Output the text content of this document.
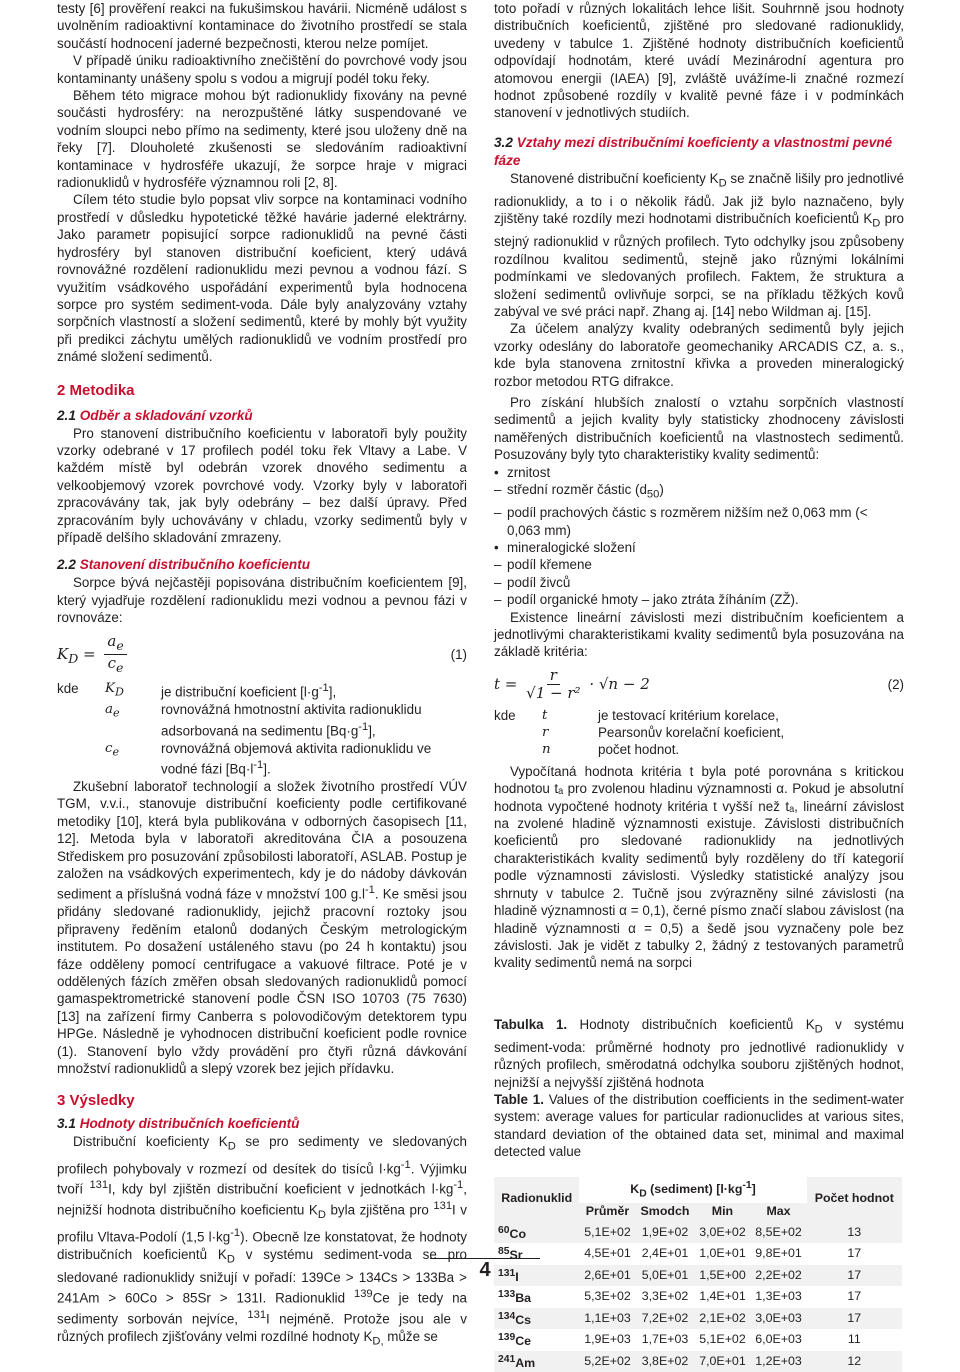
testy [6] prověření reakci na fukušimskou havárii. Nicméně událost s uvolněním radioaktivní kontaminace do životního prostředí se stala součástí hodnocení jaderné bezpečnosti, kterou nelze pomíjet.

V případě úniku radioaktivního znečištění do povrchové vody jsou kontaminanty unášeny spolu s vodou a migrují podél toku řeky.

Během této migrace mohou být radionuklidy fixovány na pevné součásti hydrosféry: na nerozpuštěné látky suspendované ve vodním sloupci nebo přímo na sedimenty, které jsou uloženy dně na řeky [7]. Dlouholeté zkušenosti se sledováním radioaktivní kontaminace v hydrosféře ukazují, že sorpce hraje v migraci radionuklidů v hydrosféře významnou roli [2, 8].

Cílem této studie bylo popsat vliv sorpce na kontaminaci vodního prostředí v důsledku hypotetické těžké havárie jaderné elektrárny. Jako parametr popisující sorpce radionuklidů na pevné části hydrosféry byl stanoven distribuční koeficient, který udává rovnovážné rozdělení radionuklidu mezi pevnou a vodnou fází. S využitím vsádkového uspořádání experimentů byla hodnocena sorpce pro systém sediment-voda. Dále byly analyzovány vztahy sorpčních vlastností a složení sedimentů, které by mohly být využity při predikci záchytu umělých radionuklidů ve vodním prostředí pro známé složení sedimentů.

2 Metodika
2.1 Odběr a skladování vzorků

Pro stanovení distribučního koeficientu v laboratoři byly použity vzorky odebrané v 17 profilech podél toku řek Vltavy a Labe. V každém místě byl odebrán vzorek dnového sedimentu a velkoobjemový vzorek povrchové vody. Vzorky byly v laboratoři zpracovávány tak, jak byly odebrány – bez další úpravy. Před zpracováním byly uchovávány v chladu, vzorky sedimentů byly v případě delšího skladování zmrazeny.

2.2 Stanovení distribučního koeficientu

Sorpce bývá nejčastěji popisována distribučním koeficientem [9], který vyjadřuje rozdělení radionuklidu mezi vodnou a pevnou fázi v rovnováze:

$K_D = \frac{a_e}{c_e}$	(1)
kde	$K_D$	je distribuční koeficient $[l\cdot g^{-1}]$,
$a_e$	rovnovážná hmotnostní aktivita radionuklidu adsorbovaná na sedimentu $[Bq\cdot g^{-1}]$,
$c_e$	rovnovážná objemová aktivita radionuklidu ve vodné fázi $[Bq\cdot l^{-1}]$.

Zkušební laboratoř technologií a složek životního prostředí VÚV TGM, v.v.i., stanovuje distribuční koeficienty podle certifikované metodiky [10], která byla publikována v odborných časopisech [11, 12]. Metoda byla v laboratoři akreditována ČIA a posouzena Střediskem pro posuzování způsobilosti laboratoří, ASLAB. Postup je založen na vsádkových experimentech, kdy je do nádoby dávkován sediment a příslušná vodná fáze v množství 100 $g.l^{-1}$. Ke směsi jsou přidány sledované radionuklidy, jejichž pracovní roztoky jsou připraveny ředěním etalonů dodaných Českým metrologickým institutem. Po dosažení ustáleného stavu (po 24 h kontaktu) jsou fáze odděleny pomocí centrifugace a vakuové filtrace. Poté je v oddělených fázích změřen obsah sledovaných radionuklidů pomocí gamaspektrometrické stanovení podle ČSN ISO 10703 (75 7630) [13] na zařízení firmy Canberra s polovodičovým detektorem typu HPGe. Následně je vyhodnocen distribuční koeficient podle rovnice (1). Stanovení bylo vždy provádění pro čtyři různá dávkování množství radionuklidů a slepý vzorek bez jejich přídavku.

3 Výsledky
3.1 Hodnoty distribučních koeficientů

Distribuční koeficienty $K_D$ se pro sedimenty ve sledovaných profilech pohybovaly v rozmezí od desítek do tisíců $l\cdot kg^{-1}$. Výjimku tvoří $^{131}$I, kdy byl zjištěn distribuční koeficient v jednotkách $l\cdot kg^{-1}$, nejnižší hodnota distribučního koeficientu $K_D$ byla zjištěna pro $^{131}$I v profilu Vltava-Podolí (1,5 $l\cdot kg^{-1}$). Obecně lze konstatovat, že hodnoty distribučních koeficientů $K_D$ v systému sediment-voda se pro sledované radionuklidy snižují v pořadí: 139Ce > 134Cs > 133Ba > 241Am > 60Co > 85Sr > 131I. Radionuklid $^{139}$Ce je tedy na sedimenty sorbován nejvíce, $^{131}$I nejméně. Protože jsou ale v různých profilech zjišťovány velmi rozdílné hodnoty $K_{D,}$ může se

toto pořadí v různých lokalitách lehce lišit. Souhrnně jsou hodnoty distribučních koeficientů, zjištěné pro sledované radionuklidy, uvedeny v tabulce 1. Zjištěné hodnoty distribučních koeficientů odpovídají hodnotám, které uvádí Mezinárodní agentura pro atomovou energii (IAEA) [9], zvláště uvážíme-li značné rozmezí hodnot způsobené rozdíly v kvalitě pevné fáze i v podmínkách stanovení v jednotlivých studiích.

3.2 Vztahy mezi distribučními koeficienty a vlastnostmi pevné fáze

Stanovené distribuční koeficienty $K_D$ se značně lišily pro jednotlivé radionuklidy, a to i o několik řádů. Jak již bylo naznačeno, byly zjištěny také rozdíly mezi hodnotami distribučních koeficientů $K_D$ pro stejný radionuklid v různých profilech. Tyto odchylky jsou způsobeny rozdílnou kvalitou sedimentů, stejně jako různými lokálními podmínkami ve sledovaných profilech. Faktem, že struktura a složení sedimentů ovlivňuje sorpci, se na příkladu těžkých kovů zabýval ve své práci např. Zhang aj. [14] nebo Wildman aj. [15].

Za účelem analýzy kvality odebraných sedimentů byly jejich vzorky odeslány do laboratoře geomechaniky ARCADIS CZ, a. s., kde byla stanovena zrnitostní křivka a proveden mineralogický rozbor metodou RTG difrakce.

Pro získání hlubších znalostí o vztahu sorpčních vlastností sedimentů a jejich kvality byly statisticky zhodnoceny závislosti naměřených distribučních koeficientů na vlastnostech sedimentů. Posuzovány byly tyto charakteristiky kvality sedimentů:

• zrnitost
– střední rozměr částic $(d_{50})$
– podíl prachových částic s rozměrem nižším než 0,063 mm (< 0,063 mm)
• mineralogické složení
– podíl křemene
– podíl živců
– podíl organické hmoty – jako ztráta žíháním (ZŽ).

Existence lineární závislosti mezi distribučním koeficientem a jednotlivými charakteristikami kvality sedimentů byla posuzována na základě kritéria:

$t = \frac{r}{\text{√1 − r²}} \cdot √n - 2$	(2)
kde	t	je testovací kritérium korelace,
r	Pearsonův korelační koeficient,
n	počet hodnot.

Vypočítaná hodnota kritéria t byla poté porovnána s kritickou hodnotou tₐ pro zvolenou hladinu významnosti α. Pokud je absolutní hodnota vypočtené hodnoty kritéria t vyšší než tₐ, lineární závislost na zvolené hladině významnosti existuje. Závislosti distribučních koeficientů pro sledované radionuklidy na jednotlivých charakteristikách kvality sedimentů byly rozděleny do tří kategorií podle významnosti závislosti. Výsledky statistické analýzy jsou shrnuty v tabulce 2. Tučně jsou zvýrazněny silné závislosti (na hladině významnosti α = 0,1), černé písmo značí slabou závislost (na hladině významnosti α = 0,5) a šedě jsou vyznačeny pole bez závislosti. Jak je vidět z tabulky 2, žádný z testovaných parametrů kvality sedimentů nemá na sorpci

Tabulka 1. Hodnoty distribučních koeficientů $K_D$ v systému sediment-voda: průměrné hodnoty pro jednotlivé radionuklidy v různých profilech, směrodatná odchylka souboru zjištěných hodnot, nejnižší a nejvyšší zjištěná hodnota

Table 1. Values of the distribution coefficients in the sediment-water system: average values for particular radionuclides at various sites, standard deviation of the obtained data set, minimal and maximal detected value

Radionuklid	$K_D$ (sediment) $[l\cdot kg^{-1}]$				Počet hodnot
	Průměr	Smodch	Min	Max	
$^{60}$Co	5,1E+02	1,9E+02	3,0E+02	8,5E+02	13
$^{85}$Sr	4,5E+01	2,4E+01	1,0E+01	9,8E+01	17
$^{131}$I	2,6E+01	5,0E+01	1,5E+00	2,2E+02	17
$^{133}$Ba	5,3E+02	3,3E+02	1,4E+01	1,3E+03	17
$^{134}$Cs	1,1E+03	7,2E+02	2,1E+02	3,0E+03	17
$^{139}$Ce	1,9E+03	1,7E+03	5,1E+02	6,0E+03	11
$^{241}$Am	5,2E+02	3,8E+02	7,0E+01	1,2E+03	12
4
